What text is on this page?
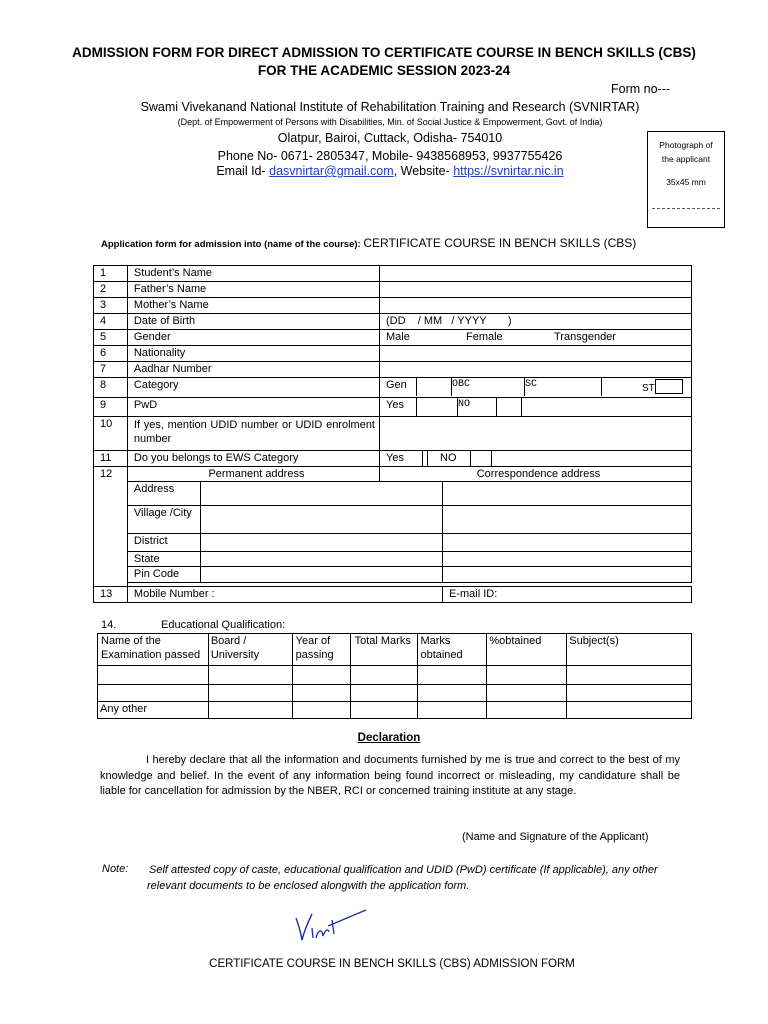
ADMISSION FORM FOR DIRECT ADMISSION TO CERTIFICATE COURSE IN BENCH SKILLS (CBS)
FOR THE ACADEMIC SESSION 2023-24
Form no---
Swami Vivekanand National Institute of Rehabilitation Training and Research (SVNIRTAR)
(Dept. of Empowerment of Persons with Disabilities, Min. of Social Justice & Empowerment, Govt. of India)
Olatpur, Bairoi, Cuttack, Odisha- 754010
Phone No- 0671- 2805347, Mobile- 9438568953, 9937755426
Email Id- dasvnirtar@gmail.com, Website- https://svnirtar.nic.in
Photograph of
the applicant
35x45 mm
Application form for admission into (name of the course): CERTIFICATE COURSE IN BENCH SKILLS (CBS)
1	Student’s Name			
2	Father’s Name			
3	Mother’s Name			
4	Date of Birth		(DD    / MM   / YYYY       )	
5	Gender		Male Female Transgender	
6	Nationality			
7	Aadhar Number			
8	Category		Gen OBC SC ST	
9	PwD		Yes NO	
10	If yes, mention UDID number or UDID enrolment number			
11	Do you belongs to EWS Category		Yes NO	
12	Permanent address		Correspondence address	
	Address			
	Village /City			
	District			
	State			
	Pin Code			

13	Mobile Number :			E-mail ID:
14.	Educational Qualification:
Name of the Examination passed	Board / University	Year of passing	Total Marks	Marks obtained	%obtained	Subject(s)

Any other						
Declaration
I hereby declare that all the information and documents furnished by me is true and correct to the best of my knowledge and belief. In the event of any information being found incorrect or misleading, my candidature shall be liable for cancellation for admission by the NBER, RCI or concerned training institute at any stage.
(Name and Signature of the Applicant)
Note: Self attested copy of caste, educational qualification and UDID (PwD) certificate (If applicable), any other relevant documents to be enclosed alongwith the application form.
CERTIFICATE COURSE IN BENCH SKILLS (CBS) ADMISSION FORM
